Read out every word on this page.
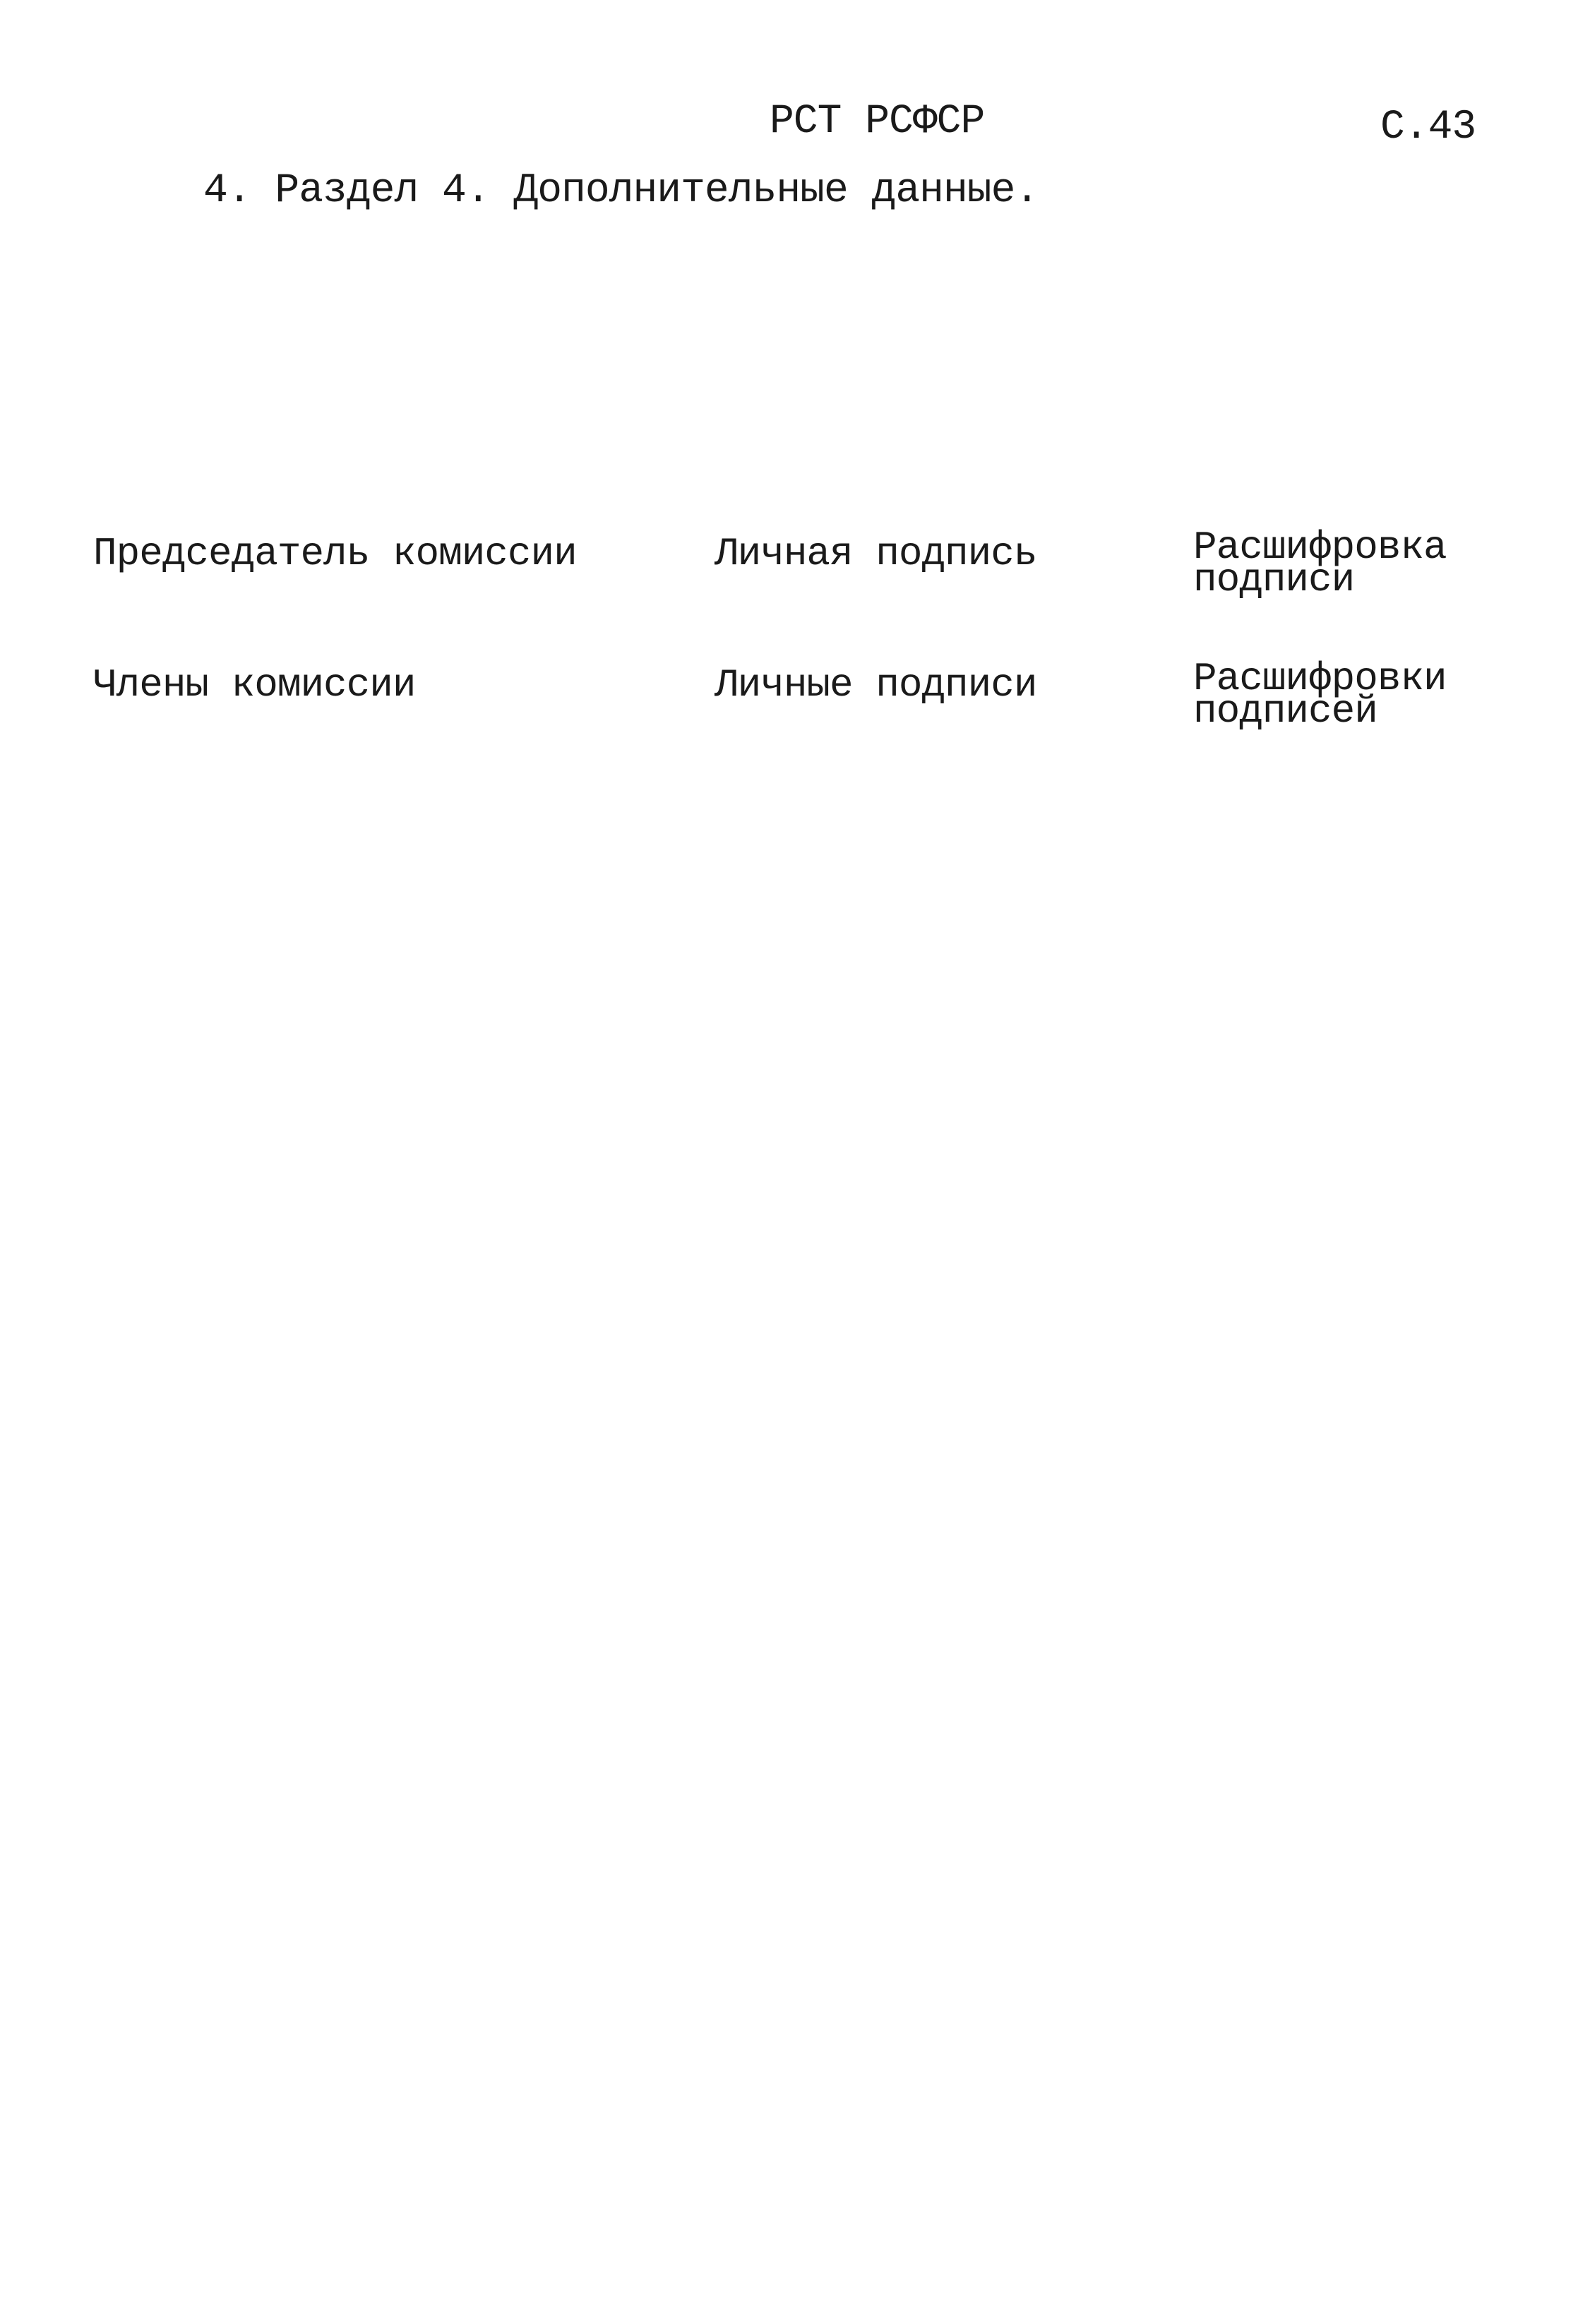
РСТ РСФСР	С.43
4. Раздел 4. Дополнительные данные.
Председатель комиссии	Личная подпись	Расшифровка
подписи
Члены комиссии	Личные подписи	Расшифровки
подписей
